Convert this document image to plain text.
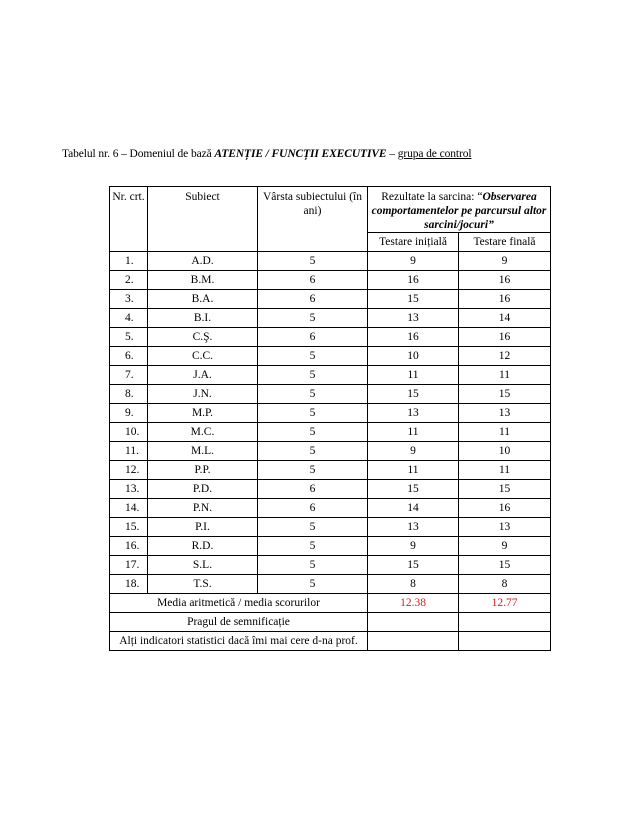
Tabelul nr. 6 – Domeniul de bază ATENȚIE / FUNCȚII EXECUTIVE – grupa de control
Nr. crt.	Subiect	Vârsta subiectului (în ani)	Rezultate la sarcina: “Observarea comportamentelor pe parcursul altor sarcini/jocuri”	
			Testare inițială	Testare finală
1.	A.D.	5	9	9
2.	B.M.	6	16	16
3.	B.A.	6	15	16
4.	B.I.	5	13	14
5.	C.Ş.	6	16	16
6.	C.C.	5	10	12
7.	J.A.	5	11	11
8.	J.N.	5	15	15
9.	M.P.	5	13	13
10.	M.C.	5	11	11
11.	M.L.	5	9	10
12.	P.P.	5	11	11
13.	P.D.	6	15	15
14.	P.N.	6	14	16
15.	P.I.	5	13	13
16.	R.D.	5	9	9
17.	S.L.	5	15	15
18.	T.S.	5	8	8
Media aritmetică / media scorurilor			12.38	12.77
Pragul de semnificație				
Alți indicatori statistici dacă îmi mai cere d-na prof.				
